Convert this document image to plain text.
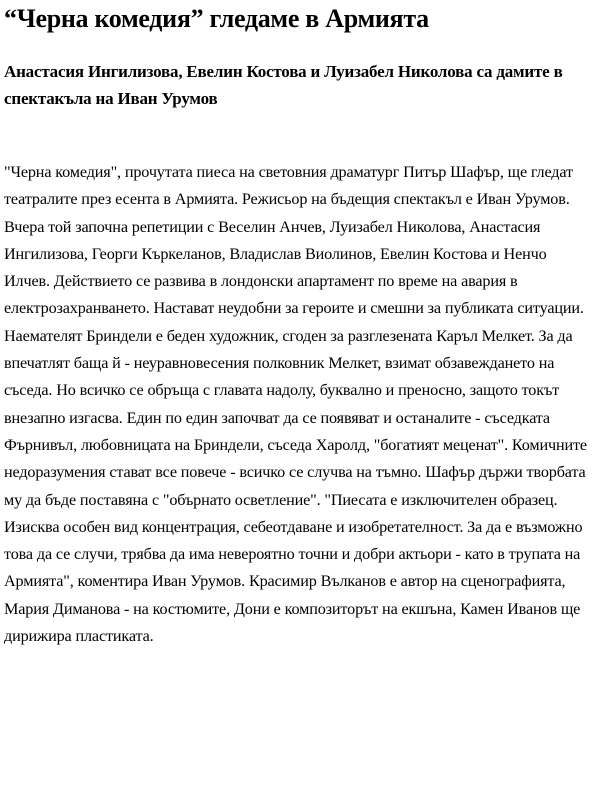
“Черна комедия” гледаме в Армията
Анастасия Ингилизова, Евелин Костова и Луизабел Николова са дамите в спектакъла на Иван Урумов

"Черна комедия", прочутата пиеса на световния драматург Питър Шафър, ще гледат театралите през есента в Армията. Режисьор на бъдещия спектакъл е Иван Урумов. Вчера той започна репетиции с Веселин Анчев, Луизабел Николова, Анастасия Ингилизова, Георги Къркеланов, Владислав Виолинов, Евелин Костова и Ненчо Илчев. Действието се развива в лондонски апартамент по време на авария в електрозахранването. Настават неудобни за героите и смешни за публиката ситуации. Наемателят Бриндели е беден художник, сгоден за разглезената Каръл Мелкет. За да впечатлят баща й - неуравновесения полковник Мелкет, взимат обзавеждането на съседа. Но всичко се обръща с главата надолу, буквално и преносно, защото токът внезапно изгасва. Един по един започват да се появяват и останалите - съседката Фърнивъл, любовницата на Бриндели, съседа Харолд, "богатият меценат". Комичните недоразумения стават все повече - всичко се случва на тъмно. Шафър държи творбата му да бъде поставяна с "обърнато осветление". "Пиесата е изключителен образец. Изисква особен вид концентрация, себеотдаване и изобретателност. За да е възможно това да се случи, трябва да има невероятно точни и добри актьори - като в трупата на Армията", коментира Иван Урумов. Красимир Вълканов е автор на сценографията, Мария Диманова - на костюмите, Дони е композиторът на екшъна, Камен Иванов ще дирижира пластиката.
